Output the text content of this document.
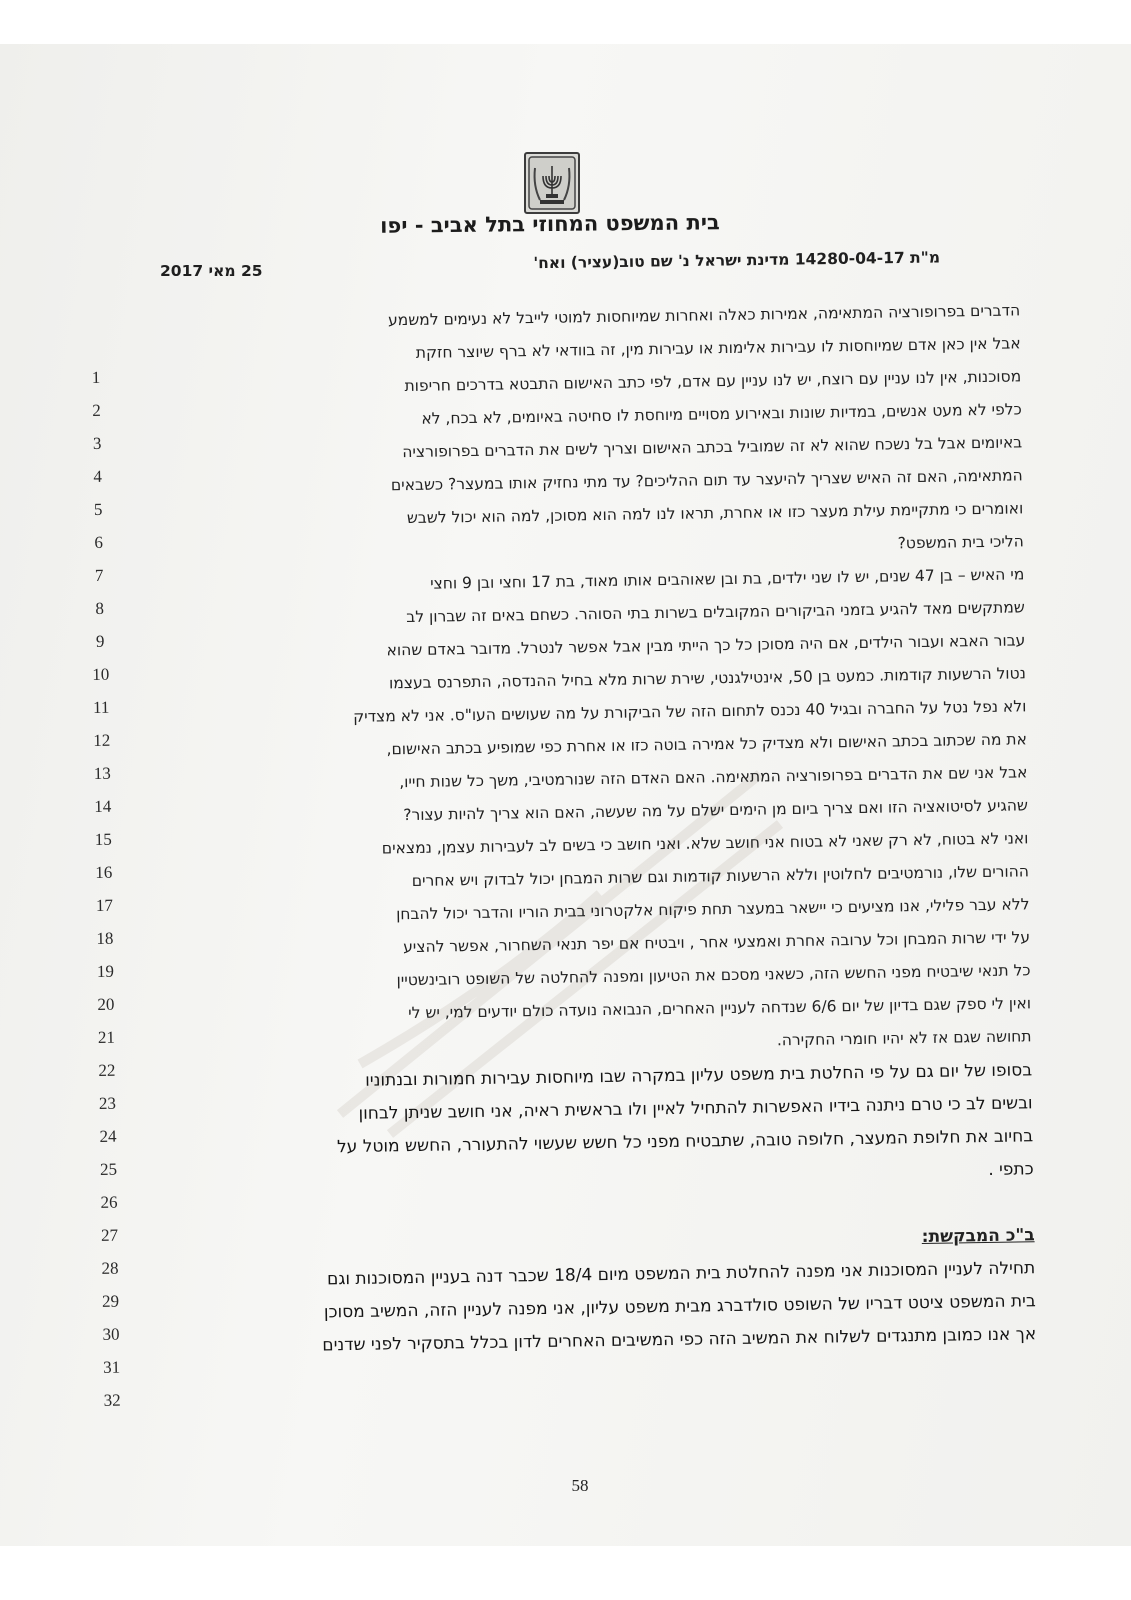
בית המשפט המחוזי בתל אביב - יפו
מ"ת 14280-04-17 מדינת ישראל נ' שם טוב(עציר) ואח'
25 מאי 2017
הדברים בפרופורציה המתאימה, אמירות כאלה ואחרות שמיוחסות למוטי לייבל לא נעימים למשמע
1
אבל אין כאן אדם שמיוחסות לו עבירות אלימות או עבירות מין, זה בוודאי לא ברף שיוצר חזקת
2
מסוכנות, אין לנו עניין עם רוצח, יש לנו עניין עם אדם, לפי כתב האישום התבטא בדרכים חריפות
3
כלפי לא מעט אנשים, במדיות שונות ובאירוע מסויים מיוחסת לו סחיטה באיומים, לא בכח, לא
4
באיומים אבל בל נשכח שהוא לא זה שמוביל בכתב האישום וצריך לשים את הדברים בפרופורציה
5
המתאימה, האם זה האיש שצריך להיעצר עד תום ההליכים? עד מתי נחזיק אותו במעצר? כשבאים
6
ואומרים כי מתקיימת עילת מעצר כזו או אחרת, תראו לנו למה הוא מסוכן, למה הוא יכול לשבש
7
הליכי בית המשפט?
8
מי האיש – בן 47 שנים, יש לו שני ילדים, בת ובן שאוהבים אותו מאוד, בת 17 וחצי ובן 9 וחצי
9
שמתקשים מאד להגיע בזמני הביקורים המקובלים בשרות בתי הסוהר. כשחם באים זה שברון לב
10
עבור האבא ועבור הילדים, אם היה מסוכן כל כך הייתי מבין אבל אפשר לנטרל. מדובר באדם שהוא
11
נטול הרשעות קודמות. כמעט בן 50, אינטילגנטי, שירת שרות מלא בחיל ההנדסה, התפרנס בעצמו
12
ולא נפל נטל על החברה ובגיל 40 נכנס לתחום הזה של הביקורת על מה שעושים העו"ס. אני לא מצדיק
13
את מה שכתוב בכתב האישום ולא מצדיק כל אמירה בוטה כזו או אחרת כפי שמופיע בכתב האישום,
14
אבל אני שם את הדברים בפרופורציה המתאימה. האם האדם הזה שנורמטיבי, משך כל שנות חייו,
15
שהגיע לסיטואציה הזו ואם צריך ביום מן הימים ישלם על מה שעשה, האם הוא צריך להיות עצור?
16
ואני לא בטוח, לא רק שאני לא בטוח אני חושב שלא. ואני חושב כי בשים לב לעבירות עצמן, נמצאים
17
ההורים שלו, נורמטיבים לחלוטין וללא הרשעות קודמות וגם שרות המבחן יכול לבדוק ויש אחרים
18
ללא עבר פלילי, אנו מציעים כי יישאר במעצר תחת פיקוח אלקטרוני בבית הוריו והדבר יכול להבחן
19
על ידי שרות המבחן וכל ערובה אחרת ואמצעי אחר , ויבטיח אם יפר תנאי השחרור, אפשר להציע
20
כל תנאי שיבטיח מפני החשש הזה, כשאני מסכם את הטיעון ומפנה להחלטה של השופט רובינשטיין
21
ואין לי ספק שגם בדיון של יום 6/6 שנדחה לעניין האחרים, הנבואה נועדה כולם יודעים למי, יש לי
22
תחושה שגם אז לא יהיו חומרי החקירה.
23
בסופו של יום גם על פי החלטת בית משפט עליון במקרה שבו מיוחסות עבירות חמורות ובנתוניו
24
ובשים לב כי טרם ניתנה בידיו האפשרות להתחיל לאיין ולו בראשית ראיה, אני חושב שניתן לבחון
25
בחיוב את חלופת המעצר, חלופה טובה, שתבטיח מפני כל חשש שעשוי להתעורר, החשש מוטל על
26
כתפי .
27
28
ב"כ המבקשת:
29
תחילה לעניין המסוכנות אני מפנה להחלטת בית המשפט מיום 18/4 שכבר דנה בעניין המסוכנות וגם
30
בית המשפט ציטט דבריו של השופט סולדברג מבית משפט עליון, אני מפנה לעניין הזה, המשיב מסוכן
31
אך אנו כמובן מתנגדים לשלוח את המשיב הזה כפי המשיבים האחרים לדון בכלל בתסקיר לפני שדנים
32
58
